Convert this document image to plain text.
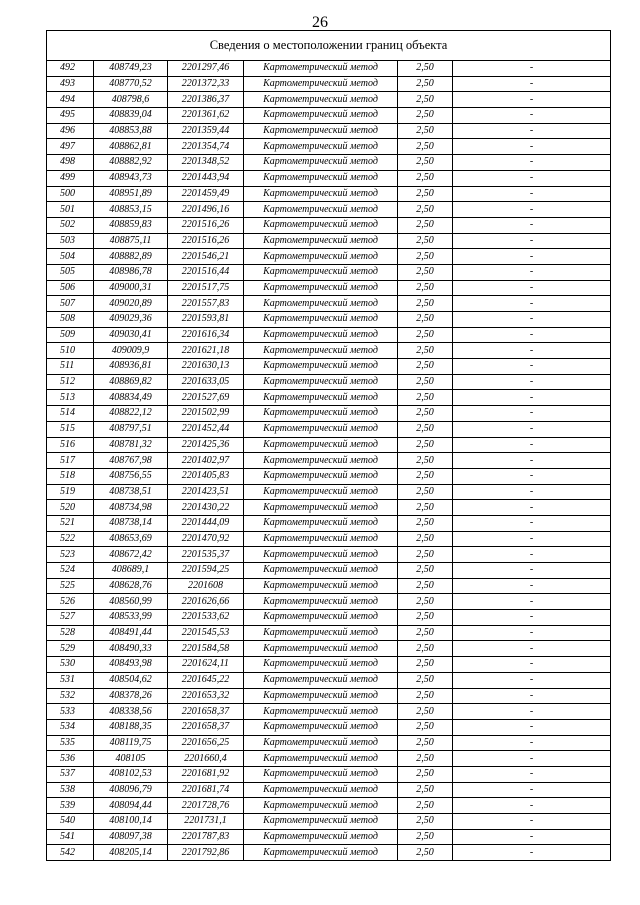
26
Сведения о местоположении границ объекта					
492	408749,23	2201297,46	Картометрический метод	2,50	-
493	408770,52	2201372,33	Картометрический метод	2,50	-
494	408798,6	2201386,37	Картометрический метод	2,50	-
495	408839,04	2201361,62	Картометрический метод	2,50	-
496	408853,88	2201359,44	Картометрический метод	2,50	-
497	408862,81	2201354,74	Картометрический метод	2,50	-
498	408882,92	2201348,52	Картометрический метод	2,50	-
499	408943,73	2201443,94	Картометрический метод	2,50	-
500	408951,89	2201459,49	Картометрический метод	2,50	-
501	408853,15	2201496,16	Картометрический метод	2,50	-
502	408859,83	2201516,26	Картометрический метод	2,50	-
503	408875,11	2201516,26	Картометрический метод	2,50	-
504	408882,89	2201546,21	Картометрический метод	2,50	-
505	408986,78	2201516,44	Картометрический метод	2,50	-
506	409000,31	2201517,75	Картометрический метод	2,50	-
507	409020,89	2201557,83	Картометрический метод	2,50	-
508	409029,36	2201593,81	Картометрический метод	2,50	-
509	409030,41	2201616,34	Картометрический метод	2,50	-
510	409009,9	2201621,18	Картометрический метод	2,50	-
511	408936,81	2201630,13	Картометрический метод	2,50	-
512	408869,82	2201633,05	Картометрический метод	2,50	-
513	408834,49	2201527,69	Картометрический метод	2,50	-
514	408822,12	2201502,99	Картометрический метод	2,50	-
515	408797,51	2201452,44	Картометрический метод	2,50	-
516	408781,32	2201425,36	Картометрический метод	2,50	-
517	408767,98	2201402,97	Картометрический метод	2,50	-
518	408756,55	2201405,83	Картометрический метод	2,50	-
519	408738,51	2201423,51	Картометрический метод	2,50	-
520	408734,98	2201430,22	Картометрический метод	2,50	-
521	408738,14	2201444,09	Картометрический метод	2,50	-
522	408653,69	2201470,92	Картометрический метод	2,50	-
523	408672,42	2201535,37	Картометрический метод	2,50	-
524	408689,1	2201594,25	Картометрический метод	2,50	-
525	408628,76	2201608	Картометрический метод	2,50	-
526	408560,99	2201626,66	Картометрический метод	2,50	-
527	408533,99	2201533,62	Картометрический метод	2,50	-
528	408491,44	2201545,53	Картометрический метод	2,50	-
529	408490,33	2201584,58	Картометрический метод	2,50	-
530	408493,98	2201624,11	Картометрический метод	2,50	-
531	408504,62	2201645,22	Картометрический метод	2,50	-
532	408378,26	2201653,32	Картометрический метод	2,50	-
533	408338,56	2201658,37	Картометрический метод	2,50	-
534	408188,35	2201658,37	Картометрический метод	2,50	-
535	408119,75	2201656,25	Картометрический метод	2,50	-
536	408105	2201660,4	Картометрический метод	2,50	-
537	408102,53	2201681,92	Картометрический метод	2,50	-
538	408096,79	2201681,74	Картометрический метод	2,50	-
539	408094,44	2201728,76	Картометрический метод	2,50	-
540	408100,14	2201731,1	Картометрический метод	2,50	-
541	408097,38	2201787,83	Картометрический метод	2,50	-
542	408205,14	2201792,86	Картометрический метод	2,50	-
